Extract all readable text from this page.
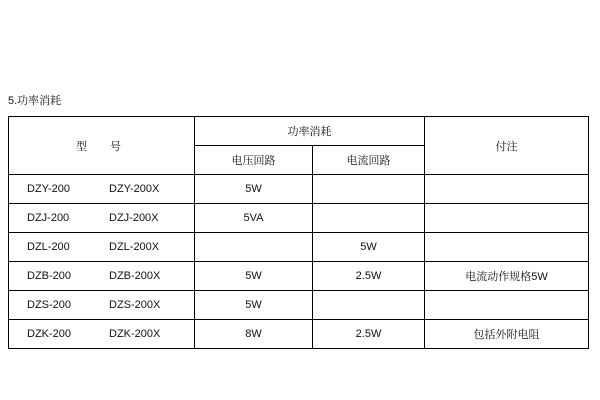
5.功率消耗
型　号	功率消耗		付注
	电压回路	电流回路	
DZY-200 DZY-200X	5W		
DZJ-200 DZJ-200X	5VA		
DZL-200 DZL-200X		5W	
DZB-200 DZB-200X	5W	2.5W	电流动作规格5W
DZS-200 DZS-200X	5W		
DZK-200 DZK-200X	8W	2.5W	包括外附电阻
